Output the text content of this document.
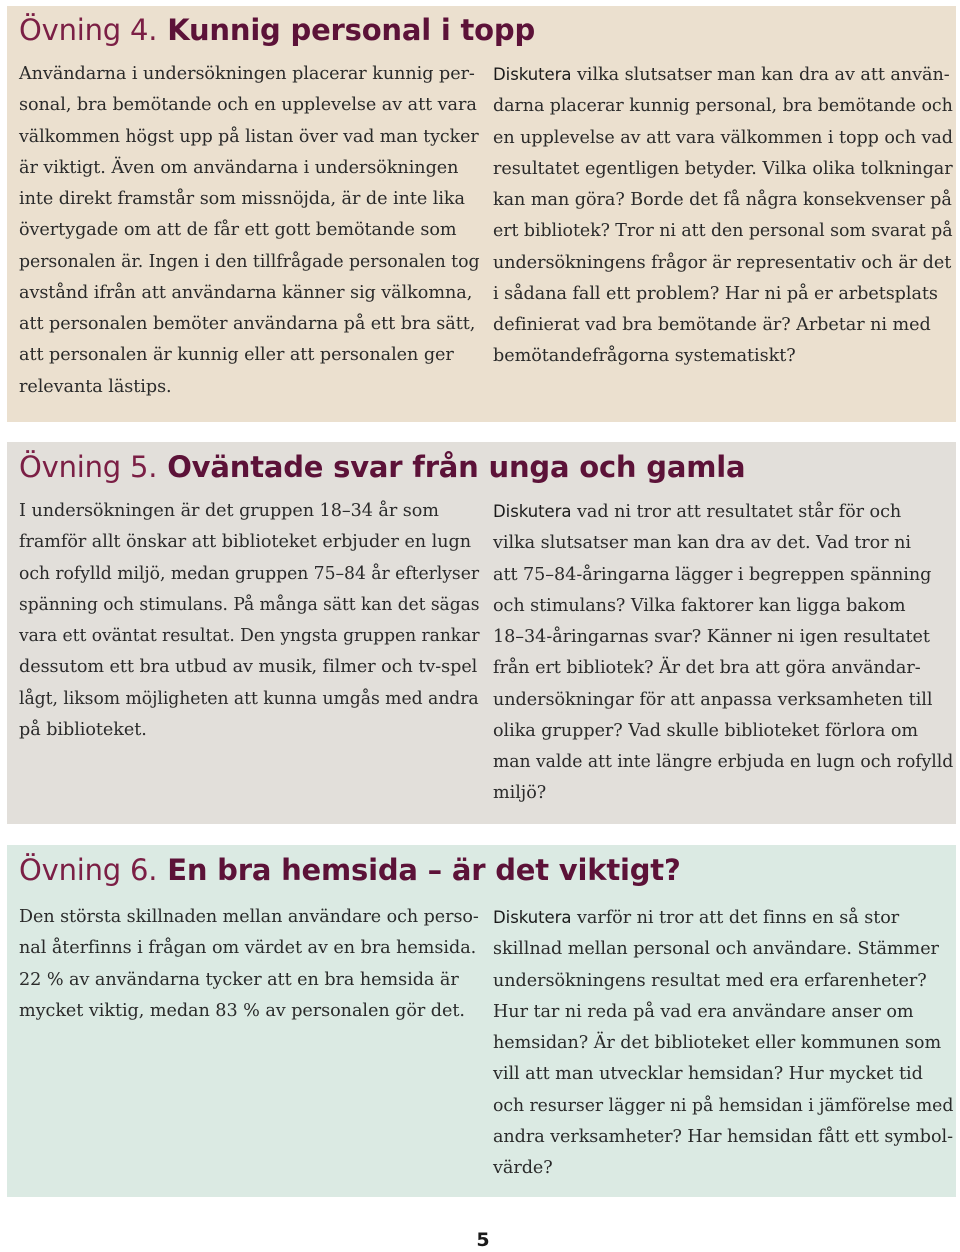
Övning 4. Kunnig personal i topp
Användarna i undersökningen placerar kunnig per-
sonal, bra bemötande och en upplevelse av att vara
välkommen högst upp på listan över vad man tycker
är viktigt. Även om användarna i undersökningen
inte direkt framstår som missnöjda, är de inte lika
övertygade om att de får ett gott bemötande som
personalen är. Ingen i den tillfrågade personalen tog
avstånd ifrån att användarna känner sig välkomna,
att personalen bemöter användarna på ett bra sätt,
att personalen är kunnig eller att personalen ger
relevanta lästips.
Diskutera vilka slutsatser man kan dra av att använ-
darna placerar kunnig personal, bra bemötande och
en upplevelse av att vara välkommen i topp och vad
resultatet egentligen betyder. Vilka olika tolkningar
kan man göra? Borde det få några konsekvenser på
ert bibliotek? Tror ni att den personal som svarat på
undersökningens frågor är representativ och är det
i sådana fall ett problem? Har ni på er arbetsplats
definierat vad bra bemötande är? Arbetar ni med
bemötandefrågorna systematiskt?
Övning 5. Oväntade svar från unga och gamla
I undersökningen är det gruppen 18–34 år som
framför allt önskar att biblioteket erbjuder en lugn
och rofylld miljö, medan gruppen 75–84 år efterlyser
spänning och stimulans. På många sätt kan det sägas
vara ett oväntat resultat. Den yngsta gruppen rankar
dessutom ett bra utbud av musik, filmer och tv-spel
lågt, liksom möjligheten att kunna umgås med andra
på biblioteket.
Diskutera vad ni tror att resultatet står för och
vilka slutsatser man kan dra av det. Vad tror ni
att 75–84-åringarna lägger i begreppen spänning
och stimulans? Vilka faktorer kan ligga bakom
18–34-åringarnas svar? Känner ni igen resultatet
från ert bibliotek? Är det bra att göra användar-
undersökningar för att anpassa verksamheten till
olika grupper? Vad skulle biblioteket förlora om
man valde att inte längre erbjuda en lugn och rofylld
miljö?
Övning 6. En bra hemsida – är det viktigt?
Den största skillnaden mellan användare och perso-
nal återfinns i frågan om värdet av en bra hemsida.
22 % av användarna tycker att en bra hemsida är
mycket viktig, medan 83 % av personalen gör det.
Diskutera varför ni tror att det finns en så stor
skillnad mellan personal och användare. Stämmer
undersökningens resultat med era erfarenheter?
Hur tar ni reda på vad era användare anser om
hemsidan? Är det biblioteket eller kommunen som
vill att man utvecklar hemsidan? Hur mycket tid
och resurser lägger ni på hemsidan i jämförelse med
andra verksamheter? Har hemsidan fått ett symbol-
värde?
5
